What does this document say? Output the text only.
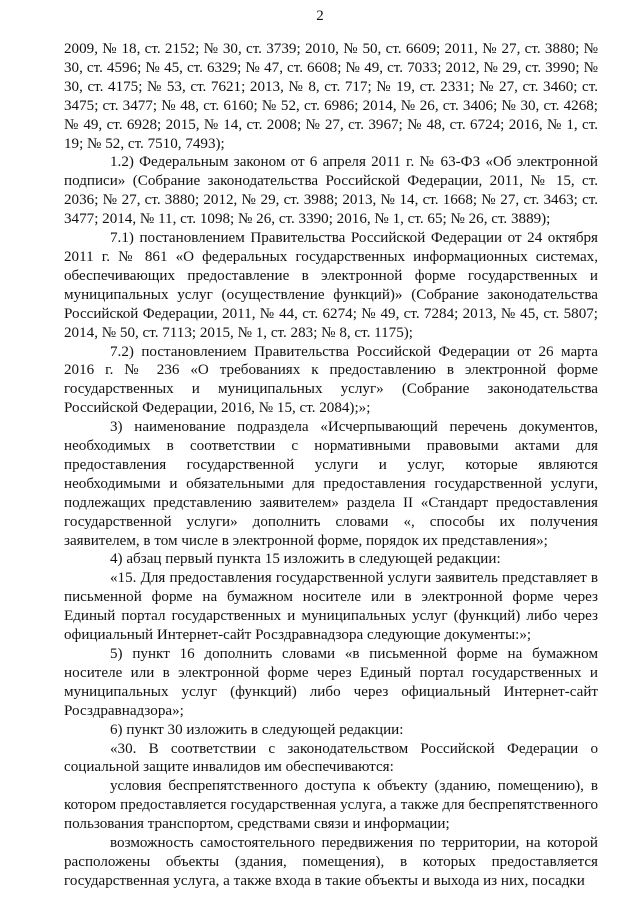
2

2009, № 18, ст. 2152; № 30, ст. 3739; 2010, № 50, ст. 6609; 2011, № 27, ст. 3880; № 30, ст. 4596; № 45, ст. 6329; № 47, ст. 6608; № 49, ст. 7033; 2012, № 29, ст. 3990; № 30, ст. 4175; № 53, ст. 7621; 2013, № 8, ст. 717; № 19, ст. 2331; № 27, ст. 3460; ст. 3475; ст. 3477; № 48, ст. 6160; № 52, ст. 6986; 2014, № 26, ст. 3406; № 30, ст. 4268; № 49, ст. 6928; 2015, № 14, ст. 2008; № 27, ст. 3967; № 48, ст. 6724; 2016, № 1, ст. 19; № 52, ст. 7510, 7493);

1.2) Федеральным законом от 6 апреля 2011 г. № 63-ФЗ «Об электронной подписи» (Собрание законодательства Российской Федерации, 2011, № 15, ст. 2036; № 27, ст. 3880; 2012, № 29, ст. 3988; 2013, № 14, ст. 1668; № 27, ст. 3463; ст. 3477; 2014, № 11, ст. 1098; № 26, ст. 3390; 2016, № 1, ст. 65; № 26, ст. 3889);

7.1) постановлением Правительства Российской Федерации от 24 октября 2011 г. № 861 «О федеральных государственных информационных системах, обеспечивающих предоставление в электронной форме государственных и муниципальных услуг (осуществление функций)» (Собрание законодательства Российской Федерации, 2011, № 44, ст. 6274; № 49, ст. 7284; 2013, № 45, ст. 5807; 2014, № 50, ст. 7113; 2015, № 1, ст. 283; № 8, ст. 1175);

7.2) постановлением Правительства Российской Федерации от 26 марта 2016 г. № 236 «О требованиях к предоставлению в электронной форме государственных и муниципальных услуг» (Собрание законодательства Российской Федерации, 2016, № 15, ст. 2084);»;

3) наименование подраздела «Исчерпывающий перечень документов, необходимых в соответствии с нормативными правовыми актами для предоставления государственной услуги и услуг, которые являются необходимыми и обязательными для предоставления государственной услуги, подлежащих представлению заявителем» раздела II «Стандарт предоставления государственной услуги» дополнить словами «, способы их получения заявителем, в том числе в электронной форме, порядок их представления»;

4) абзац первый пункта 15 изложить в следующей редакции:

«15. Для предоставления государственной услуги заявитель представляет в письменной форме на бумажном носителе или в электронной форме через Единый портал государственных и муниципальных услуг (функций) либо через официальный Интернет-сайт Росздравнадзора следующие документы:»;

5) пункт 16 дополнить словами «в письменной форме на бумажном носителе или в электронной форме через Единый портал государственных и муниципальных услуг (функций) либо через официальный Интернет-сайт Росздравнадзора»;

6) пункт 30 изложить в следующей редакции:

«30. В соответствии с законодательством Российской Федерации о социальной защите инвалидов им обеспечиваются:

условия беспрепятственного доступа к объекту (зданию, помещению), в котором предоставляется государственная услуга, а также для беспрепятственного пользования транспортом, средствами связи и информации;

возможность самостоятельного передвижения по территории, на которой расположены объекты (здания, помещения), в которых предоставляется государственная услуга, а также входа в такие объекты и выхода из них, посадки
